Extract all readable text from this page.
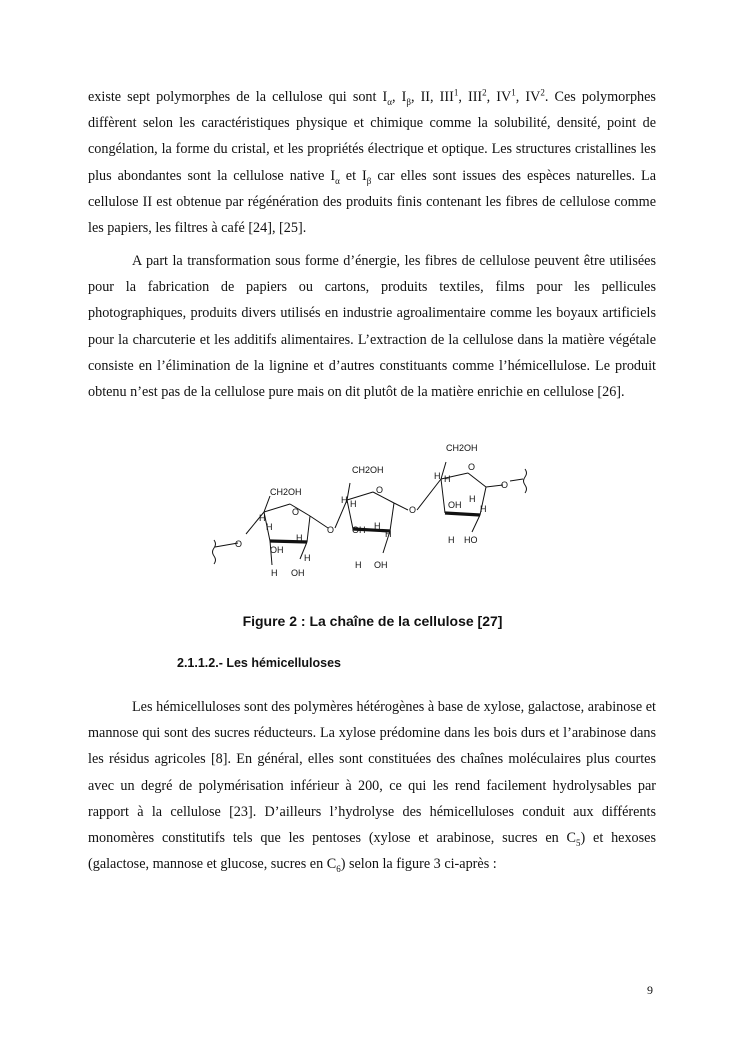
existe sept polymorphes de la cellulose qui sont $I_\alpha$, $I_\beta$, II, III$^1$, III$^2$, $IV^1$, $IV^2$. Ces polymorphes diffèrent selon les caractéristiques physique et chimique comme la solubilité, densité, point de congélation, la forme du cristal, et les propriétés électrique et optique. Les structures cristallines les plus abondantes sont la cellulose native $I_\alpha$ et $I_\beta$ car elles sont issues des espèces naturelles. La cellulose II est obtenue par régénération des produits finis contenant les fibres de cellulose comme les papiers, les filtres à café [24], [25].

A part la transformation sous forme d’énergie, les fibres de cellulose peuvent être utilisées pour la fabrication de papiers ou cartons, produits textiles, films pour les pellicules photographiques, produits divers utilisés en industrie agroalimentaire comme les boyaux artificiels pour la charcuterie et les additifs alimentaires. L’extraction de la cellulose dans la matière végétale consiste en l’élimination de la lignine et d’autres constituants comme l’hémicellulose. Le produit obtenu n’est pas de la cellulose pure mais on dit plutôt de la matière enrichie en cellulose [26].

CH2OH
O
H
H
O
OH
H
H
H OH
O
CH2OH
O
H H
OH H
H
H OH
O
CH2OH
O
H H
OH
H
H
H HO
O
Figure 2 : La chaîne de la cellulose [27]
2.1.1.2.- Les hémicelluloses

Les hémicelluloses sont des polymères hétérogènes à base de xylose, galactose, arabinose et mannose qui sont des sucres réducteurs. La xylose prédomine dans les bois durs et l’arabinose dans les résidus agricoles [8]. En général, elles sont constituées des chaînes moléculaires plus courtes avec un degré de polymérisation inférieur à 200, ce qui les rend facilement hydrolysables par rapport à la cellulose [23]. D’ailleurs l’hydrolyse des hémicelluloses conduit aux différents monomères constitutifs tels que les pentoses (xylose et arabinose, sucres en $C_5$) et hexoses (galactose, mannose et glucose, sucres en $C_6$) selon la figure 3 ci-après :

9
